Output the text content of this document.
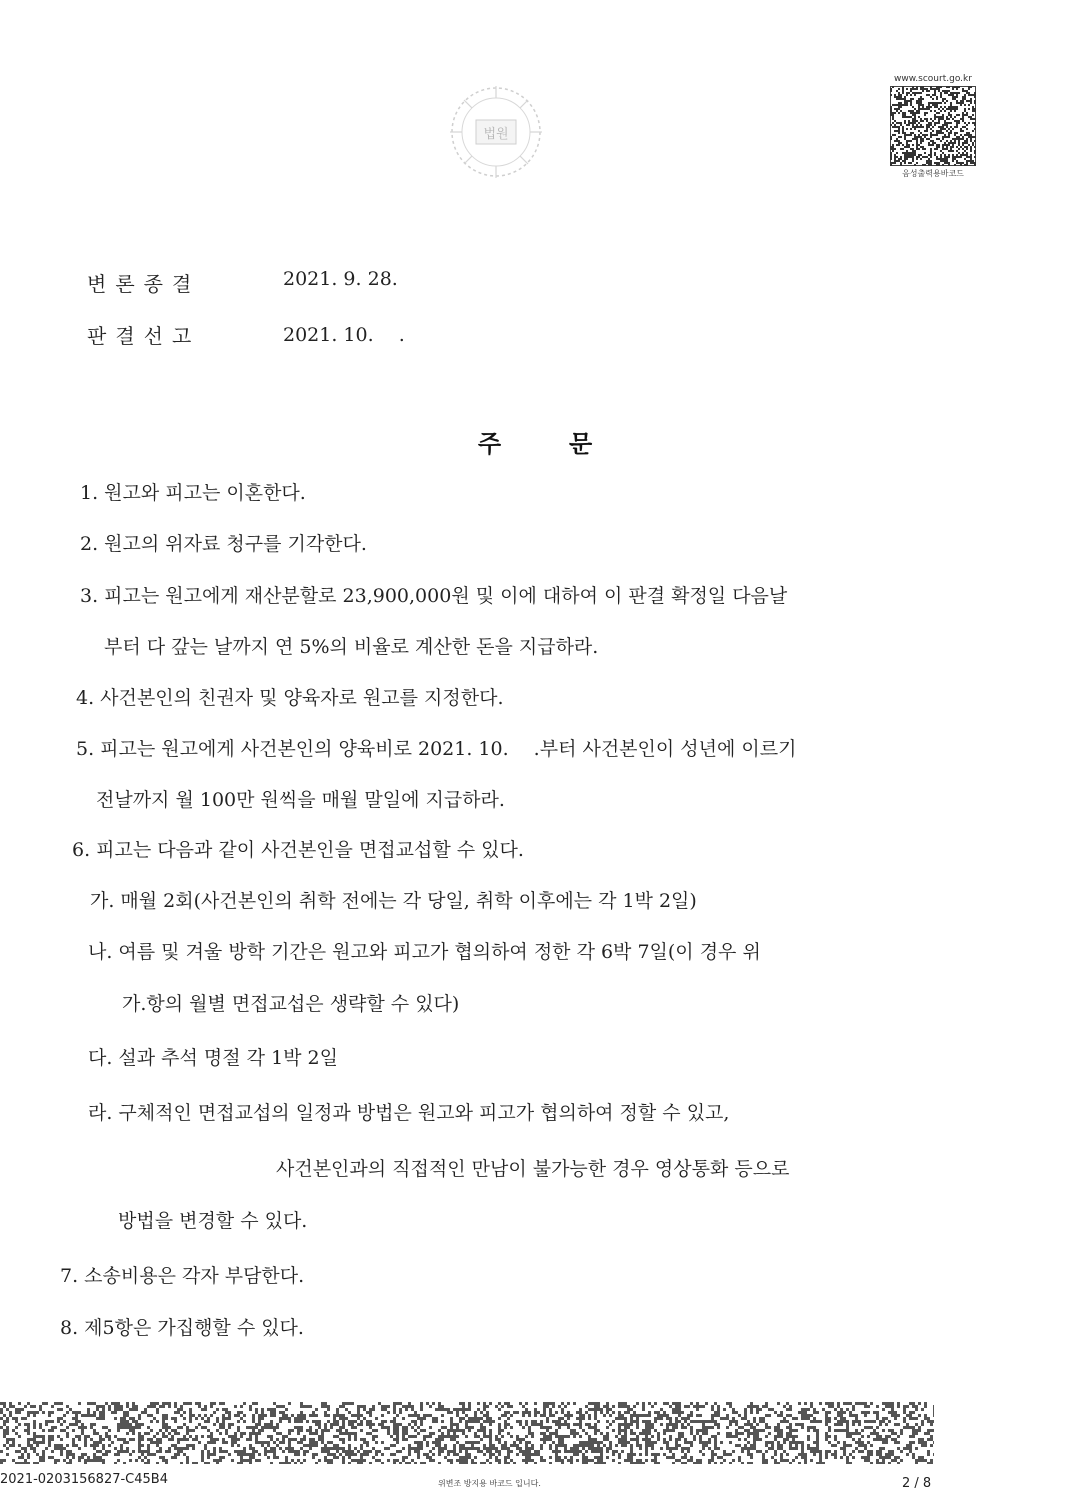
법원
www.scourt.go.kr
음성출력용바코드
변론종결	2021. 9. 28.
판결선고	2021. 10.　 .
주	문
1. 원고와 피고는 이혼한다.
2. 원고의 위자료 청구를 기각한다.
3. 피고는 원고에게 재산분할로 23,900,000원 및 이에 대하여 이 판결 확정일 다음날
부터 다 갚는 날까지 연 5%의 비율로 계산한 돈을 지급하라.
4. 사건본인의 친권자 및 양육자로 원고를 지정한다.
5. 피고는 원고에게 사건본인의 양육비로 2021. 10.　 .부터 사건본인이 성년에 이르기
전날까지 월 100만 원씩을 매월 말일에 지급하라.
6. 피고는 다음과 같이 사건본인을 면접교섭할 수 있다.
가. 매월 2회(사건본인의 취학 전에는 각 당일, 취학 이후에는 각 1박 2일)
나. 여름 및 겨울 방학 기간은 원고와 피고가 협의하여 정한 각 6박 7일(이 경우 위
가.항의 월별 면접교섭은 생략할 수 있다)
다. 설과 추석 명절 각 1박 2일
라. 구체적인 면접교섭의 일정과 방법은 원고와 피고가 협의하여 정할 수 있고,
사건본인과의 직접적인 만남이 불가능한 경우 영상통화 등으로
방법을 변경할 수 있다.
7. 소송비용은 각자 부담한다.
8. 제5항은 가집행할 수 있다.
2021-0203156827-C45B4	위변조 방지용 바코드 입니다.	2 / 8
